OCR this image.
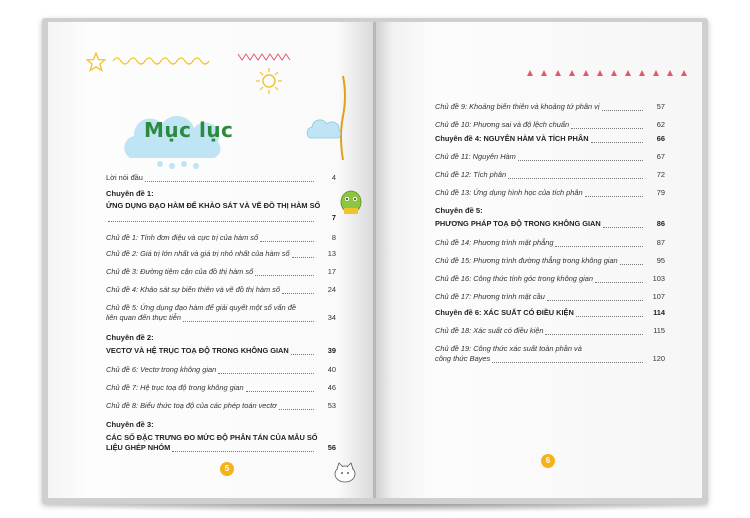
Mục lục
Lời nói đầu	4
Chuyên đề 1:
ỨNG DỤNG ĐẠO HÀM ĐỂ KHẢO SÁT VÀ VẼ ĐỒ THỊ HÀM SỐ
7
Chủ đề 1: Tính đơn điệu và cực trị của hàm số	8
Chủ đề 2: Giá trị lớn nhất và giá trị nhỏ nhất của hàm số	13
Chủ đề 3: Đường tiệm cận của đồ thị hàm số	17
Chủ đề 4: Khảo sát sự biến thiên và vẽ đồ thị hàm số	24
Chủ đề 5: Ứng dụng đạo hàm để giải quyết một số vấn đề
liên quan đến thực tiễn	34
Chuyên đề 2:
VECTƠ VÀ HỆ TRỤC TOẠ ĐỘ TRONG KHÔNG GIAN	39
Chủ đề 6: Vectơ trong không gian	40
Chủ đề 7: Hệ trục toạ độ trong không gian	46
Chủ đề 8: Biểu thức toạ độ của các phép toán vectơ	53
Chuyên đề 3:
CÁC SỐ ĐẶC TRƯNG ĐO MỨC ĐỘ PHÂN TÁN CỦA MẪU SỐ
LIỆU GHÉP NHÓM	56
5
Chủ đề 9: Khoảng biến thiên và khoảng tứ phân vị	57
Chủ đề 10: Phương sai và độ lệch chuẩn	62
Chuyên đề 4: NGUYÊN HÀM VÀ TÍCH PHÂN	66
Chủ đề 11: Nguyên Hàm	67
Chủ đề 12: Tích phân	72
Chủ đề 13: Ứng dụng hình học của tích phân	79
Chuyên đề 5:
PHƯƠNG PHÁP TOẠ ĐỘ TRONG KHÔNG GIAN	86
Chủ đề 14: Phương trình mặt phẳng	87
Chủ đề 15: Phương trình đường thẳng trong không gian	95
Chủ đề 16: Công thức tính góc trong không gian	103
Chủ đề 17: Phương trình mặt cầu	107
Chuyên đề 6: XÁC SUẤT CÓ ĐIỀU KIỆN	114
Chủ đề 18: Xác suất có điều kiện	115
Chủ đề 19: Công thức xác suất toàn phần và
công thức Bayes	120
6
